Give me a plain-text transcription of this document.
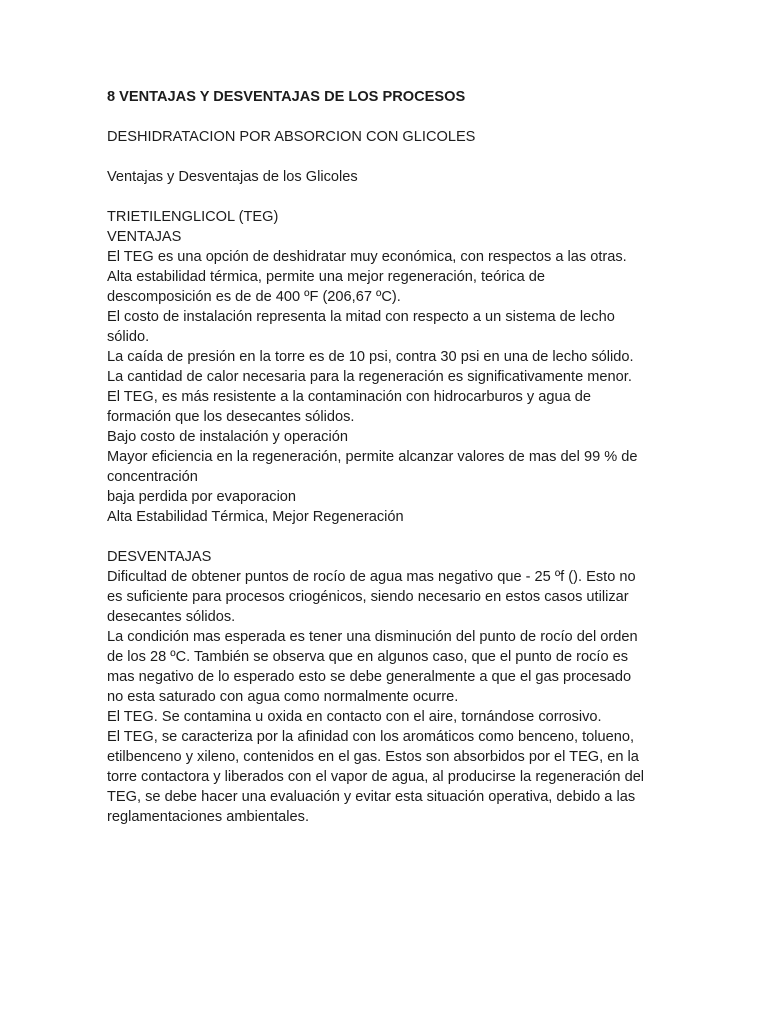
8 VENTAJAS Y DESVENTAJAS DE LOS PROCESOS

DESHIDRATACION POR ABSORCION CON GLICOLES

Ventajas y Desventajas de los Glicoles

TRIETILENGLICOL (TEG)

VENTAJAS

El TEG es una opción de deshidratar muy económica, con respectos a las otras.

Alta estabilidad térmica, permite una mejor regeneración, teórica de

descomposición es de de 400 ºF (206,67 ºC).

El costo de instalación representa la mitad con respecto a un sistema de lecho

sólido.

La caída de presión en la torre es de 10 psi, contra 30 psi en una de lecho sólido.

La cantidad de calor necesaria para la regeneración es significativamente menor.

El TEG, es más resistente a la contaminación con hidrocarburos y agua de

formación que los desecantes sólidos.

Bajo costo de instalación y operación

Mayor eficiencia en la regeneración, permite alcanzar valores de mas del 99 % de

concentración

baja perdida por evaporacion

Alta Estabilidad Térmica, Mejor Regeneración

DESVENTAJAS

Dificultad de obtener puntos de rocío de agua mas negativo que - 25 ºf (). Esto no

es suficiente para procesos criogénicos, siendo necesario en estos casos utilizar

desecantes sólidos.

La condición mas esperada es tener una disminución del punto de rocío del orden

de los 28 ºC. También se observa que en algunos caso, que el punto de rocío es

mas negativo de lo esperado esto se debe generalmente a que el gas procesado

no esta saturado con agua como normalmente ocurre.

El TEG. Se contamina u oxida en contacto con el aire, tornándose corrosivo.

El TEG, se caracteriza por la afinidad con los aromáticos como benceno, tolueno,

etilbenceno y xileno, contenidos en el gas. Estos son absorbidos por el TEG, en la

torre contactora y liberados con el vapor de agua, al producirse la regeneración del

TEG, se debe hacer una evaluación y evitar esta situación operativa, debido a las

reglamentaciones ambientales.
